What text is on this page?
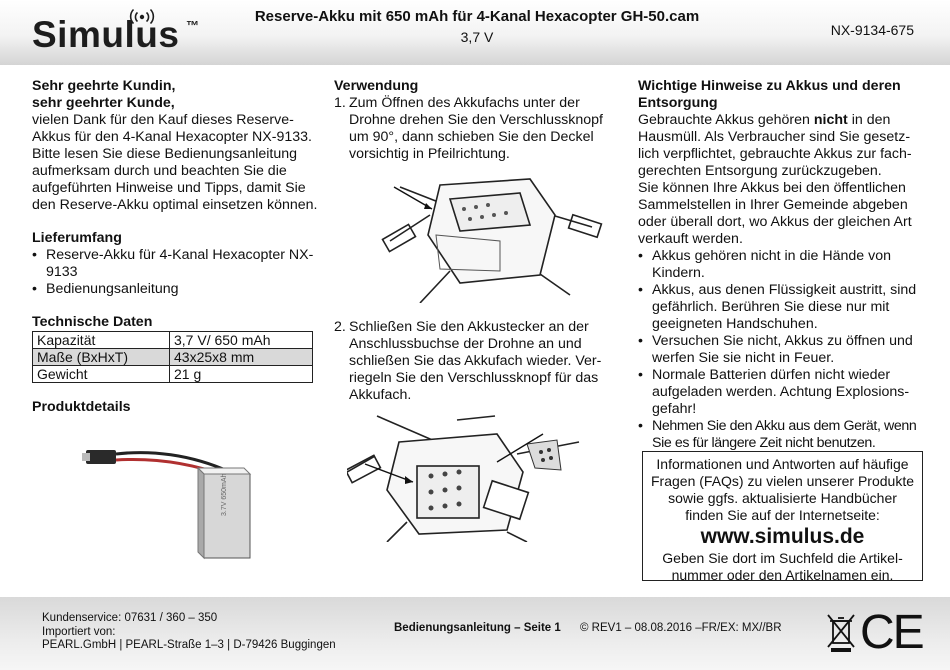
Simulus ™
Reserve-Akku mit 650 mAh für 4-Kanal Hexacopter GH-50.cam
3,7 V	NX-9134-675

Sehr geehrte Kundin,

sehr geehrter Kunde,

vielen Dank für den Kauf dieses Reserve-Akkus für den 4-Kanal Hexacopter NX-9133. Bitte lesen Sie diese Bedienungsanleitung aufmerksam durch und beachten Sie die aufgeführten Hinweise und Tipps, damit Sie den Reserve-Akku optimal einsetzen können.

Lieferumfang

• Reserve-Akku für 4-Kanal Hexacopter NX-9133
• Bedienungsanleitung

Technische Daten

Kapazität	3,7 V/ 650 mAh
Maße (BxHxT)	43x25x8 mm
Gewicht	21 g

Produktdetails

3.7V 650mAh

Verwendung

1. Zum Öffnen des Akkufachs unter der Drohne drehen Sie den Verschlussknopf um 90°, dann schieben Sie den Deckel vorsichtig in Pfeilrichtung.
2. Schließen Sie den Akkustecker an der Anschlussbuchse der Drohne an und schließen Sie das Akkufach wieder. Verriegeln Sie den Verschlussknopf für das Akkufach.

Wichtige Hinweise zu Akkus und deren Entsorgung

Gebrauchte Akkus gehören nicht in den Hausmüll. Als Verbraucher sind Sie gesetzlich verpflichtet, gebrauchte Akkus zur fachgerechten Entsorgung zurückzugeben.

Sie können Ihre Akkus bei den öffentlichen Sammelstellen in Ihrer Gemeinde abgeben oder überall dort, wo Akkus der gleichen Art verkauft werden.

• Akkus gehören nicht in die Hände von Kindern.
• Akkus, aus denen Flüssigkeit austritt, sind gefährlich. Berühren Sie diese nur mit geeigneten Handschuhen.
• Versuchen Sie nicht, Akkus zu öffnen und werfen Sie sie nicht in Feuer.
• Normale Batterien dürfen nicht wieder aufgeladen werden. Achtung Explosionsgefahr!
• Nehmen Sie den Akku aus dem Gerät, wenn Sie es für längere Zeit nicht benutzen.

Informationen und Antworten auf häufige Fragen (FAQs) zu vielen unserer Produkte sowie ggfs. aktualisierte Handbücher finden Sie auf der Internetseite:

www.simulus.de

Geben Sie dort im Suchfeld die Artikelnummer oder den Artikelnamen ein.

Kundenservice: 07631 / 360 – 350
Importiert von:
PEARL.GmbH | PEARL-Straße 1–3 | D-79426 Buggingen
Bedienungsanleitung – Seite 1 © REV1 – 08.08.2016 –FR/EX: MX//BR CE
